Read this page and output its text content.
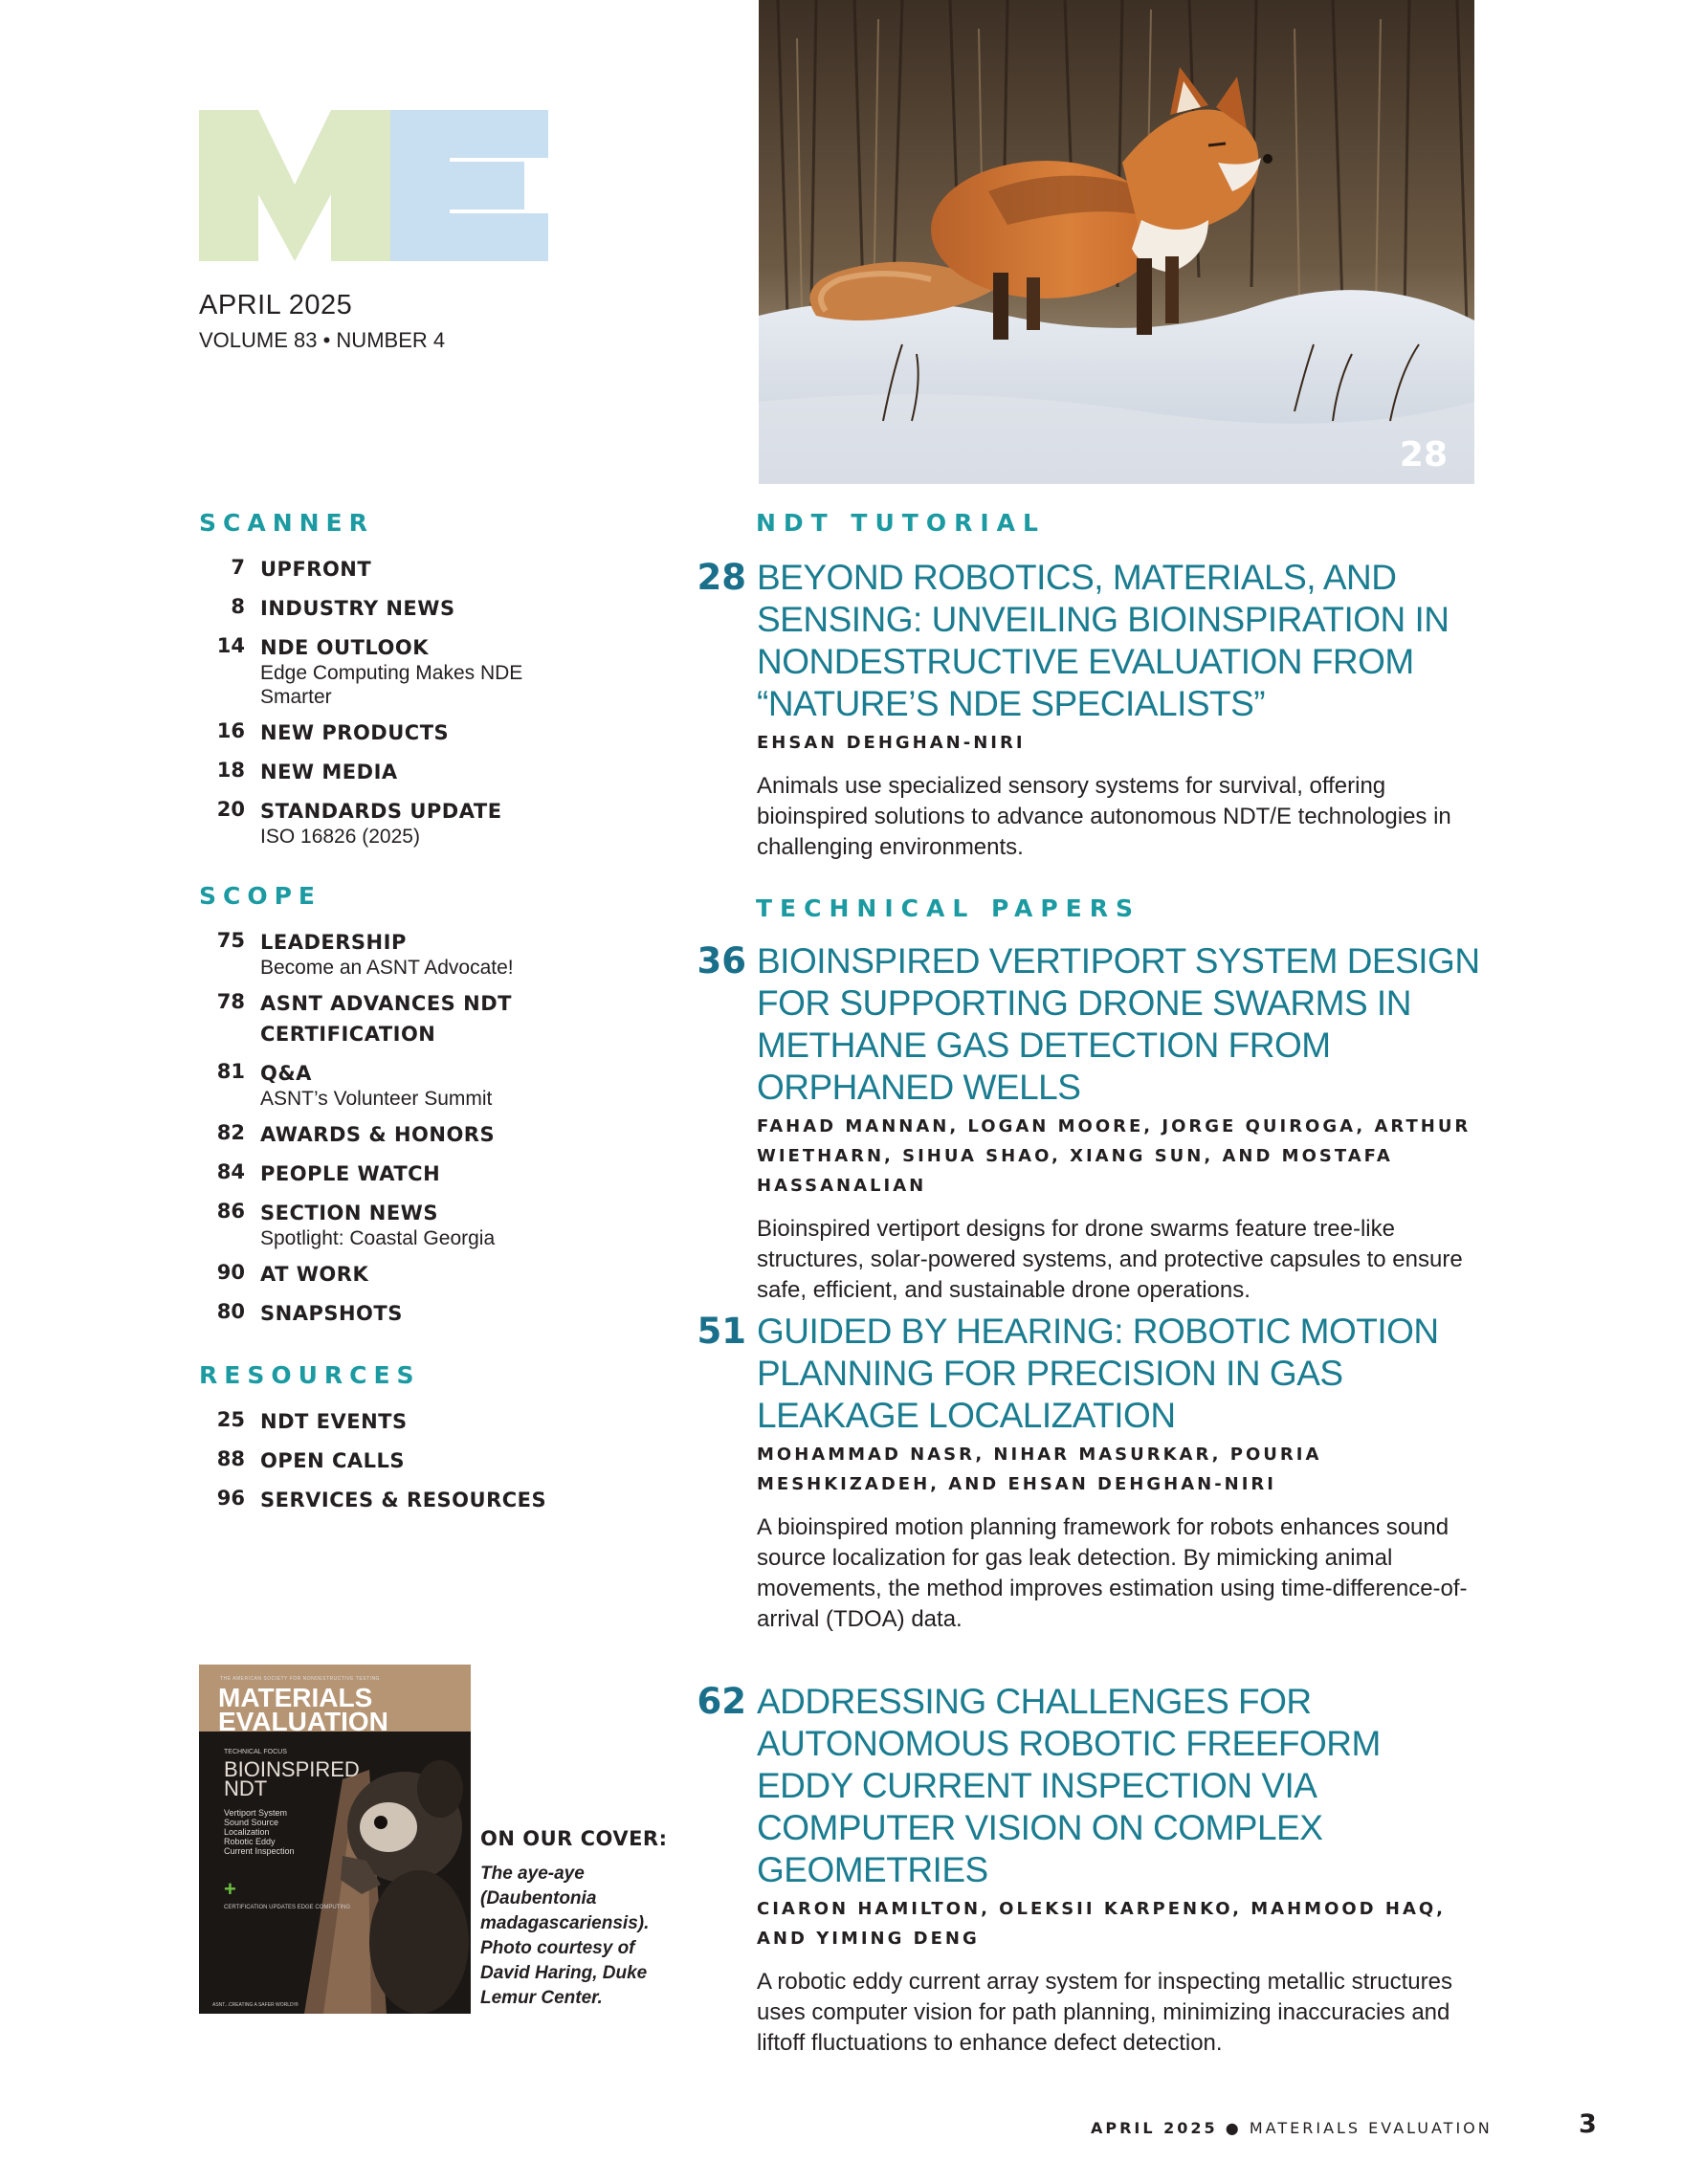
APRIL 2025
VOLUME 83 • NUMBER 4
SCANNER
7 UPFRONT
8 INDUSTRY NEWS
14 NDE OUTLOOK
Edge Computing Makes NDE Smarter
16 NEW PRODUCTS
18 NEW MEDIA
20 STANDARDS UPDATE
ISO 16826 (2025)
SCOPE
75 LEADERSHIP
Become an ASNT Advocate!
78 ASNT ADVANCES NDT CERTIFICATION
81 Q&A
ASNT’s Volunteer Summit
82 AWARDS & HONORS
84 PEOPLE WATCH
86 SECTION NEWS
Spotlight: Coastal Georgia
90 AT WORK
80 SNAPSHOTS
RESOURCES
25 NDT EVENTS
88 OPEN CALLS
96 SERVICES & RESOURCES
THE AMERICAN SOCIETY FOR NONDESTRUCTIVE TESTING
MATERIALS
EVALUATION
TECHNICAL FOCUS
BIOINSPIRED
NDT
Vertiport System Sound Source Localization Robotic Eddy Current Inspection
+
CERTIFICATION UPDATES EDGE COMPUTING
ASNT...CREATING A SAFER WORLD!®
ON OUR COVER:
The aye-aye (Daubentonia madagascariensis). Photo courtesy of David Haring, Duke Lemur Center.
28
NDT TUTORIAL
28 BEYOND ROBOTICS, MATERIALS, AND SENSING: UNVEILING BIOINSPIRATION IN NONDESTRUCTIVE EVALUATION FROM “NATURE’S NDE SPECIALISTS”
EHSAN DEHGHAN-NIRI
Animals use specialized sensory systems for survival, offering bioinspired solutions to advance autonomous NDT/E technologies in challenging environments.
TECHNICAL PAPERS
36 BIOINSPIRED VERTIPORT SYSTEM DESIGN FOR SUPPORTING DRONE SWARMS IN METHANE GAS DETECTION FROM ORPHANED WELLS
FAHAD MANNAN, LOGAN MOORE, JORGE QUIROGA, ARTHUR WIETHARN, SIHUA SHAO, XIANG SUN, AND MOSTAFA HASSANALIAN
Bioinspired vertiport designs for drone swarms feature tree-like structures, solar-powered systems, and protective capsules to ensure safe, efficient, and sustainable drone operations.
51 GUIDED BY HEARING: ROBOTIC MOTION PLANNING FOR PRECISION IN GAS LEAKAGE LOCALIZATION
MOHAMMAD NASR, NIHAR MASURKAR, POURIA MESHKIZADEH, AND EHSAN DEHGHAN-NIRI
A bioinspired motion planning framework for robots enhances sound source localization for gas leak detection. By mimicking animal movements, the method improves estimation using time-difference-of-arrival (TDOA) data.
62 ADDRESSING CHALLENGES FOR AUTONOMOUS ROBOTIC FREEFORM EDDY CURRENT INSPECTION VIA COMPUTER VISION ON COMPLEX GEOMETRIES
CIARON HAMILTON, OLEKSII KARPENKO, MAHMOOD HAQ, AND YIMING DENG
A robotic eddy current array system for inspecting metallic structures uses computer vision for path planning, minimizing inaccuracies and liftoff fluctuations to enhance defect detection.
APRIL 2025 ● MATERIALS EVALUATION	3
